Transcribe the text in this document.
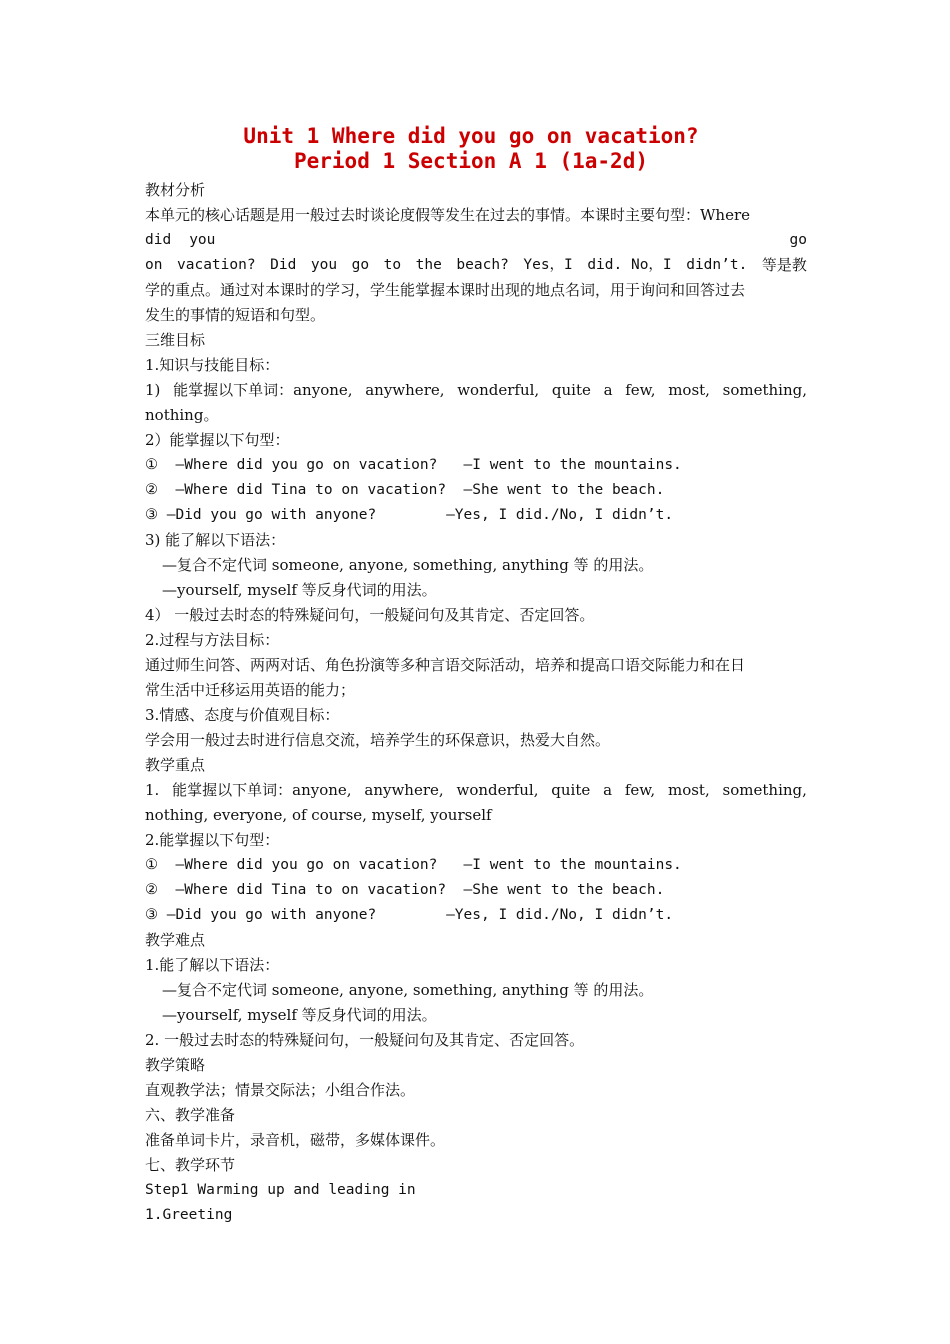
Unit 1 Where did you go on vacation?
Period 1 Section A 1 (1a-2d)
教材分析
本单元的核心话题是用一般过去时谈论度假等发生在过去的事情。本课时主要句型：Where
did you	go
on vacation? Did you go to the beach? Yes，I did. No，I didn’t. 等是教
学的重点。通过对本课时的学习，学生能掌握本课时出现的地点名词，用于询问和回答过去
发生的事情的短语和句型。
三维目标
1.知识与技能目标：
1) 能掌握以下单词：anyone, anywhere, wonderful, quite a few, most, something,
nothing。
2）能掌握以下句型：
①  —Where did you go on vacation?   —I went to the mountains.
②  —Where did Tina to on vacation?  —She went to the beach.
③ —Did you go with anyone?        —Yes, I did./No, I didn’t.
3) 能了解以下语法：
—复合不定代词 someone, anyone, something, anything 等 的用法。
—yourself, myself 等反身代词的用法。
4） 一般过去时态的特殊疑问句，一般疑问句及其肯定、否定回答。
2.过程与方法目标：
通过师生问答、两两对话、角色扮演等多种言语交际活动，培养和提高口语交际能力和在日
常生活中迁移运用英语的能力；
3.情感、态度与价值观目标：
学会用一般过去时进行信息交流，培养学生的环保意识，热爱大自然。
教学重点
1. 能掌握以下单词：anyone, anywhere, wonderful, quite a few, most, something,
nothing, everyone, of course, myself, yourself
2.能掌握以下句型：
①  —Where did you go on vacation?   —I went to the mountains.
②  —Where did Tina to on vacation?  —She went to the beach.
③ —Did you go with anyone?        —Yes, I did./No, I didn’t.
教学难点
1.能了解以下语法：
—复合不定代词 someone, anyone, something, anything 等 的用法。
—yourself, myself 等反身代词的用法。
2. 一般过去时态的特殊疑问句，一般疑问句及其肯定、否定回答。
教学策略
直观教学法；情景交际法；小组合作法。
六、教学准备
准备单词卡片，录音机，磁带，多媒体课件。
七、教学环节
Step1 Warming up and leading in
1.Greeting
